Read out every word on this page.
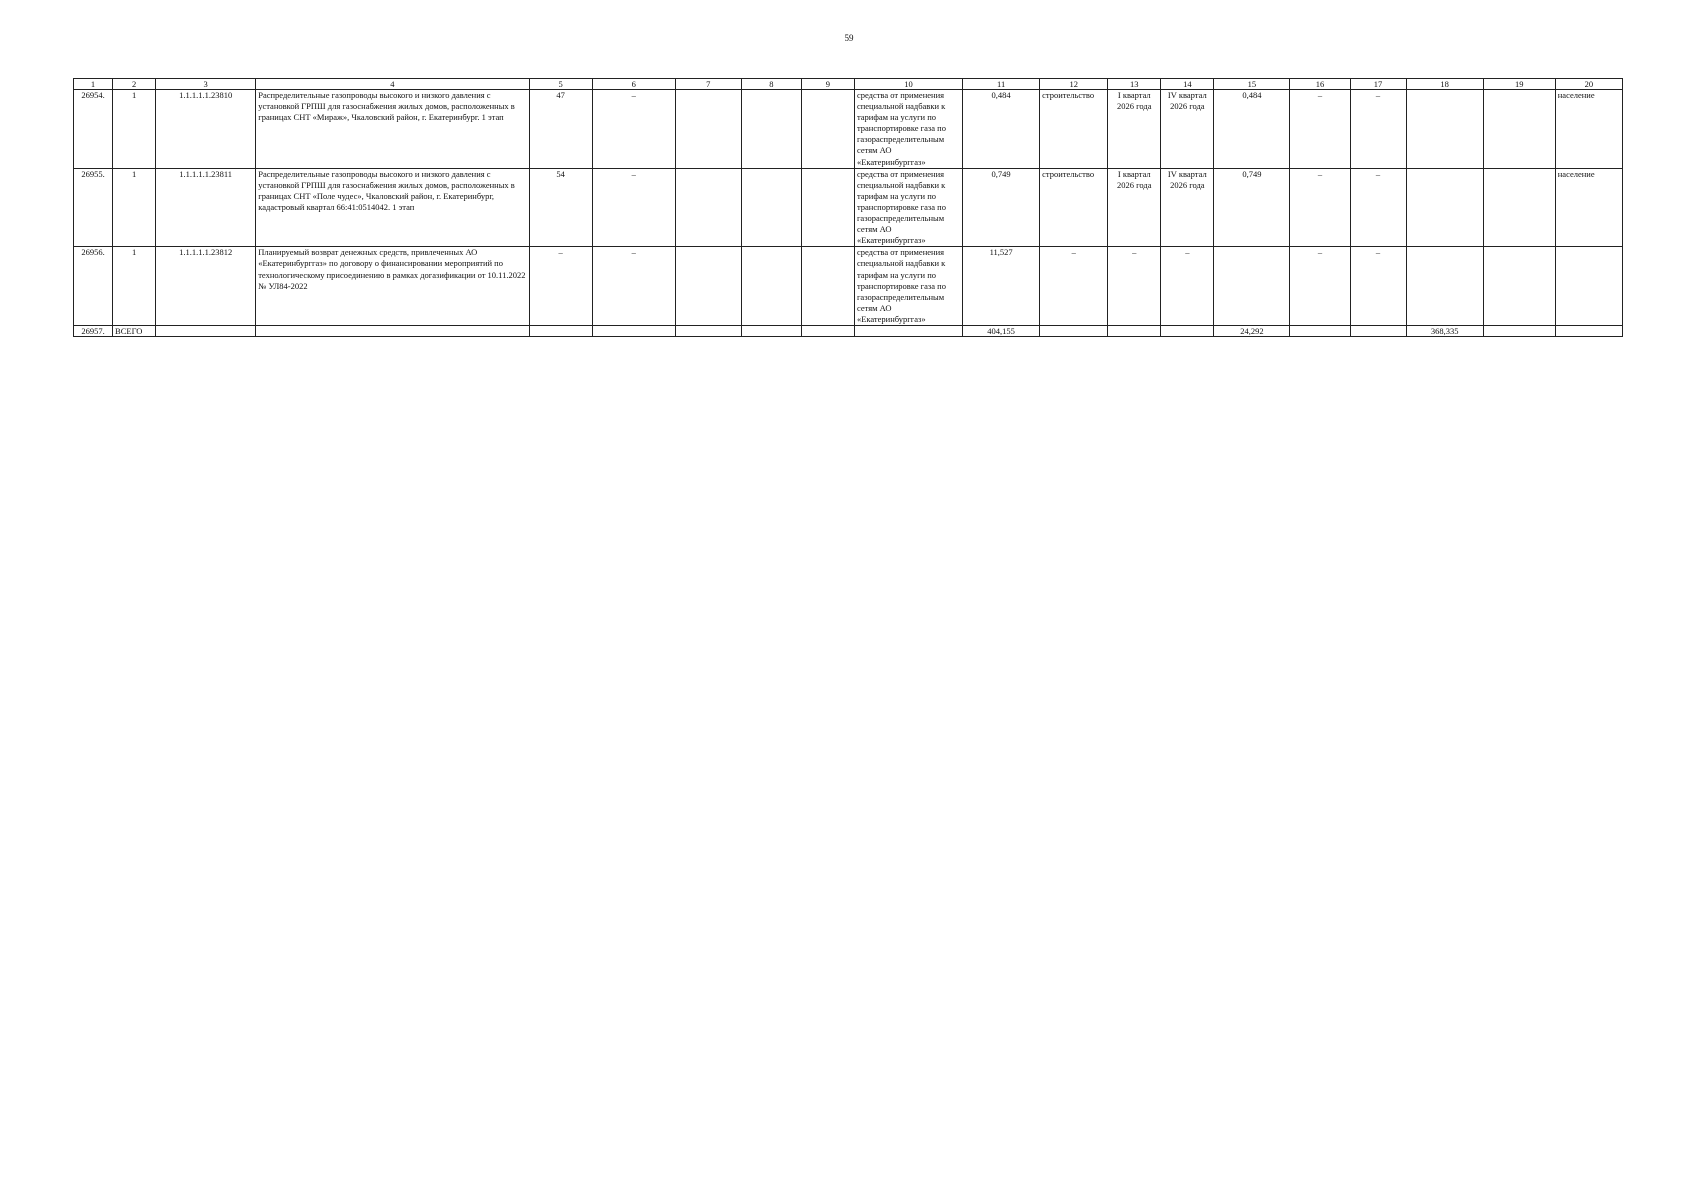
59
1	2	3	4	5	6	7	8	9	10	11	12	13	14	15	16	17	18	19	20
26954.	1	1.1.1.1.1.23810	Распределительные газопроводы высокого и низкого давления с установкой ГРПШ для газоснабжения жилых домов, расположенных в границах СНТ «Мираж», Чкаловский район, г. Екатеринбург. 1 этап	47	–				средства от применения специальной надбавки к тарифам на услуги по транспортировке газа по газораспределительным сетям АО «Екатеринбурггаз»	0,484	строительство	I квартал 2026 года	IV квартал 2026 года	0,484	–	–			население
26955.	1	1.1.1.1.1.23811	Распределительные газопроводы высокого и низкого давления с установкой ГРПШ для газоснабжения жилых домов, расположенных в границах СНТ «Поле чудес», Чкаловский район, г. Екатеринбург, кадастровый квартал 66:41:0514042. 1 этап	54	–				средства от применения специальной надбавки к тарифам на услуги по транспортировке газа по газораспределительным сетям АО «Екатеринбурггаз»	0,749	строительство	I квартал 2026 года	IV квартал 2026 года	0,749	–	–			население
26956.	1	1.1.1.1.1.23812	Планируемый возврат денежных средств, привлеченных АО «Екатеринбурггаз» по договору о финансировании мероприятий по технологическому присоединению в рамках догазификации от 10.11.2022 № УЛ84-2022	–	–				средства от применения специальной надбавки к тарифам на услуги по транспортировке газа по газораспределительным сетям АО «Екатеринбурггаз»	11,527	–	–	–		–	–			
26957.	ВСЕГО									404,155				24,292			368,335		
